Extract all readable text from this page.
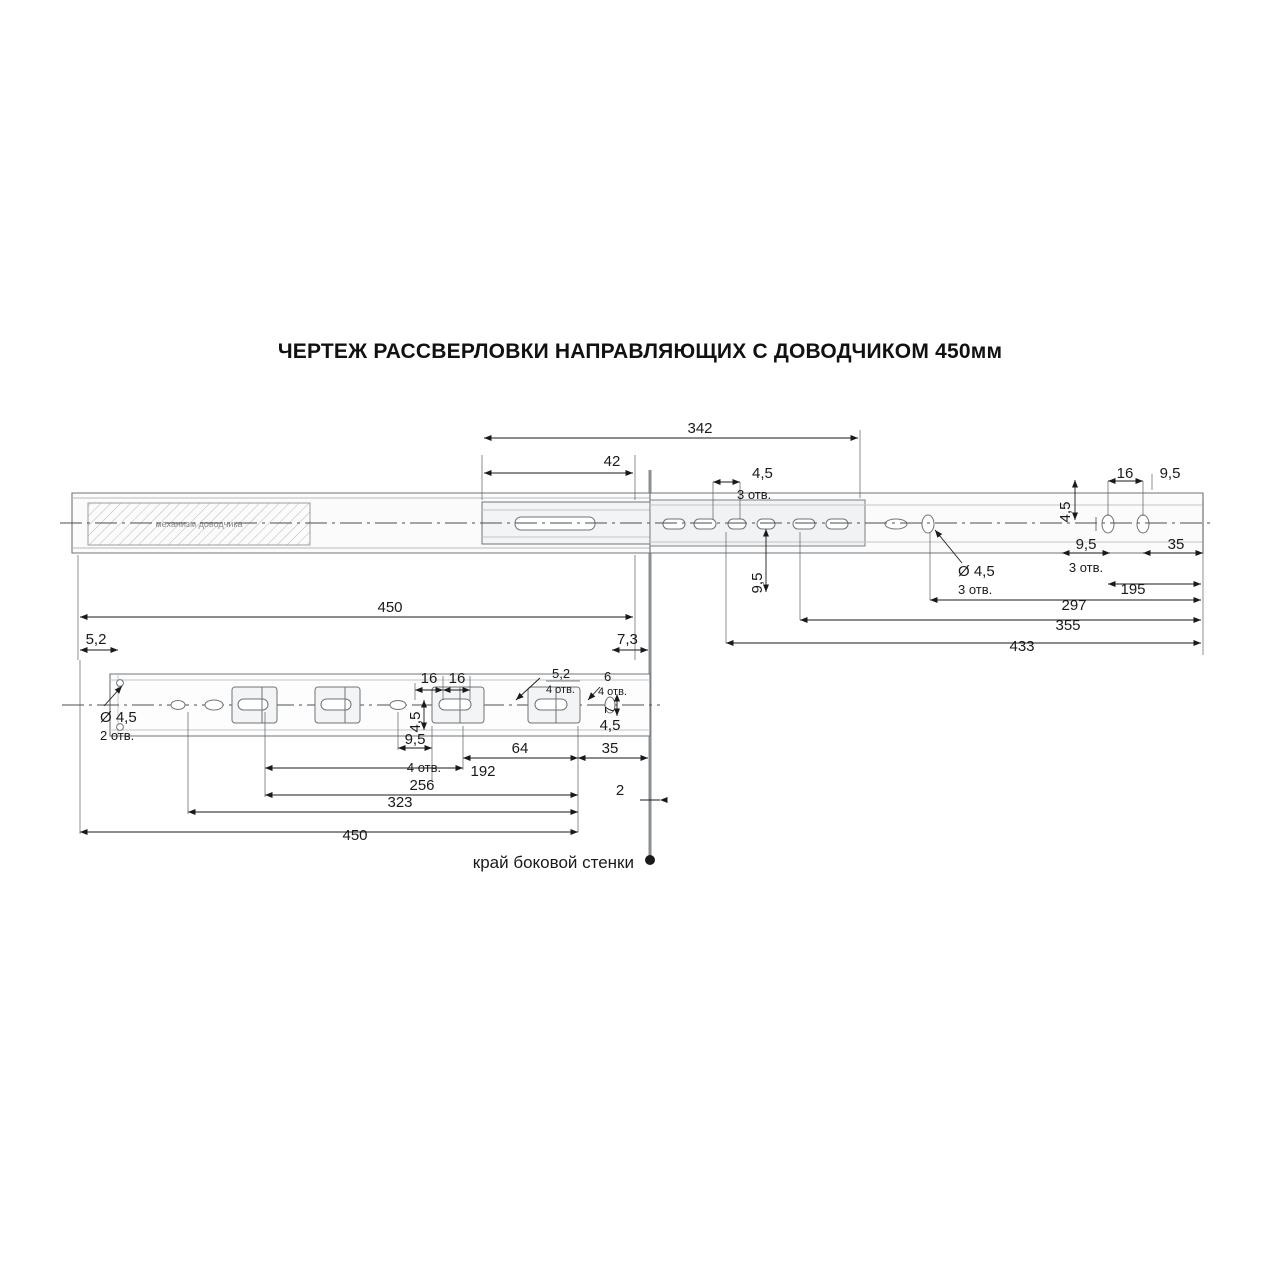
ЧЕРТЕЖ РАССВЕРЛОВКИ НАПРАВЛЯЮЩИХ С ДОВОДЧИКОМ 450мм
механизм доводчика
342
42
4,5
3 отв.
9,5
Ø 4,5
3 отв.
4,5
16 9,5
9,5
3 отв.
35
195
297
355
433
450
7,3
5,2
Ø 4,5
2 отв.
16 16
4,5
5,2
4 отв.
6
4 отв.
7
4,5
9,5
4 отв. 192
64	35
256
323
450
2
край боковой стенки
